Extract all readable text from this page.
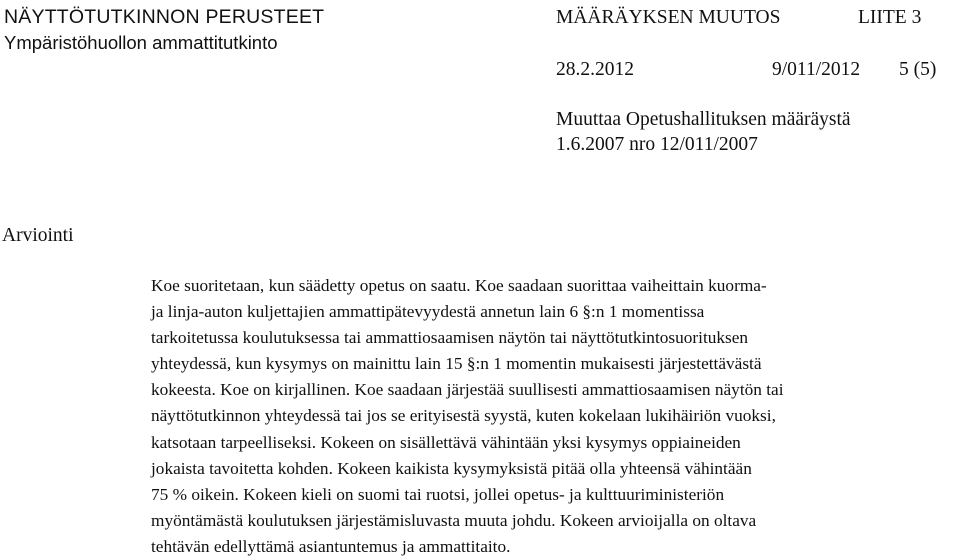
NÄYTTÖTUTKINNON PERUSTEET
Ympäristöhuollon ammattitutkinto
MÄÄRÄYKSEN MUUTOS	LIITE 3
28.2.2012	9/011/2012 5 (5)
Muuttaa Opetushallituksen määräystä
1.6.2007 nro 12/011/2007
Arviointi
Koe suoritetaan, kun säädetty opetus on saatu. Koe saadaan suorittaa vaiheittain kuorma-
ja linja-auton kuljettajien ammattipätevyydestä annetun lain 6 §:n 1 momentissa
tarkoitetussa koulutuksessa tai ammattiosaamisen näytön tai näyttötutkintosuorituksen
yhteydessä, kun kysymys on mainittu lain 15 §:n 1 momentin mukaisesti järjestettävästä
kokeesta. Koe on kirjallinen. Koe saadaan järjestää suullisesti ammattiosaamisen näytön tai
näyttötutkinnon yhteydessä tai jos se erityisestä syystä, kuten kokelaan lukihäiriön vuoksi,
katsotaan tarpeelliseksi. Kokeen on sisällettävä vähintään yksi kysymys oppiaineiden
jokaista tavoitetta kohden. Kokeen kaikista kysymyksistä pitää olla yhteensä vähintään
75 % oikein. Kokeen kieli on suomi tai ruotsi, jollei opetus- ja kulttuuriministeriön
myöntämästä koulutuksen järjestämisluvasta muuta johdu. Kokeen arvioijalla on oltava
tehtävän edellyttämä asiantuntemus ja ammattitaito.
